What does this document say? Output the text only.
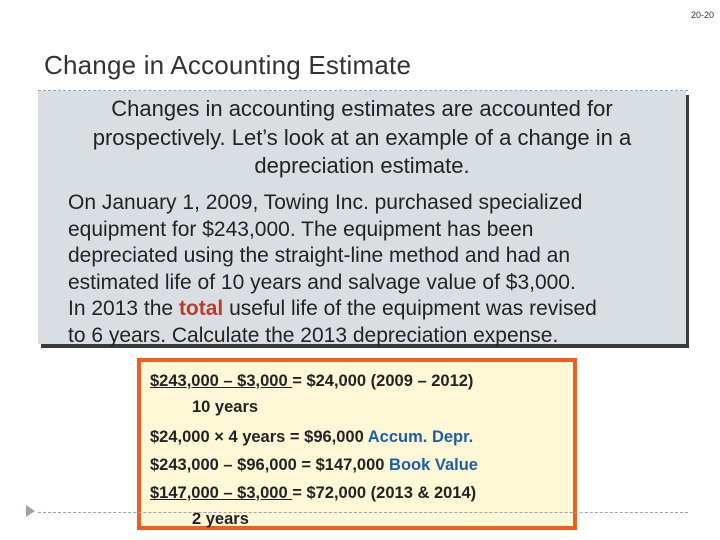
20-20
Change in Accounting Estimate
Changes in accounting estimates are accounted for
prospectively. Let’s look at an example of a change in a
depreciation estimate.
On January 1, 2009, Towing Inc. purchased specialized
equipment for $243,000. The equipment has been
depreciated using the straight-line method and had an
estimated life of 10 years and salvage value of $3,000.
In 2013 the total useful life of the equipment was revised
to 6 years. Calculate the 2013 depreciation expense.
$243,000 – $3,000 = $24,000 (2009 – 2012)
10 years
$24,000 × 4 years = $96,000 Accum. Depr.
$243,000 – $96,000 = $147,000 Book Value
$147,000 – $3,000 = $72,000 (2013 & 2014)
2 years
